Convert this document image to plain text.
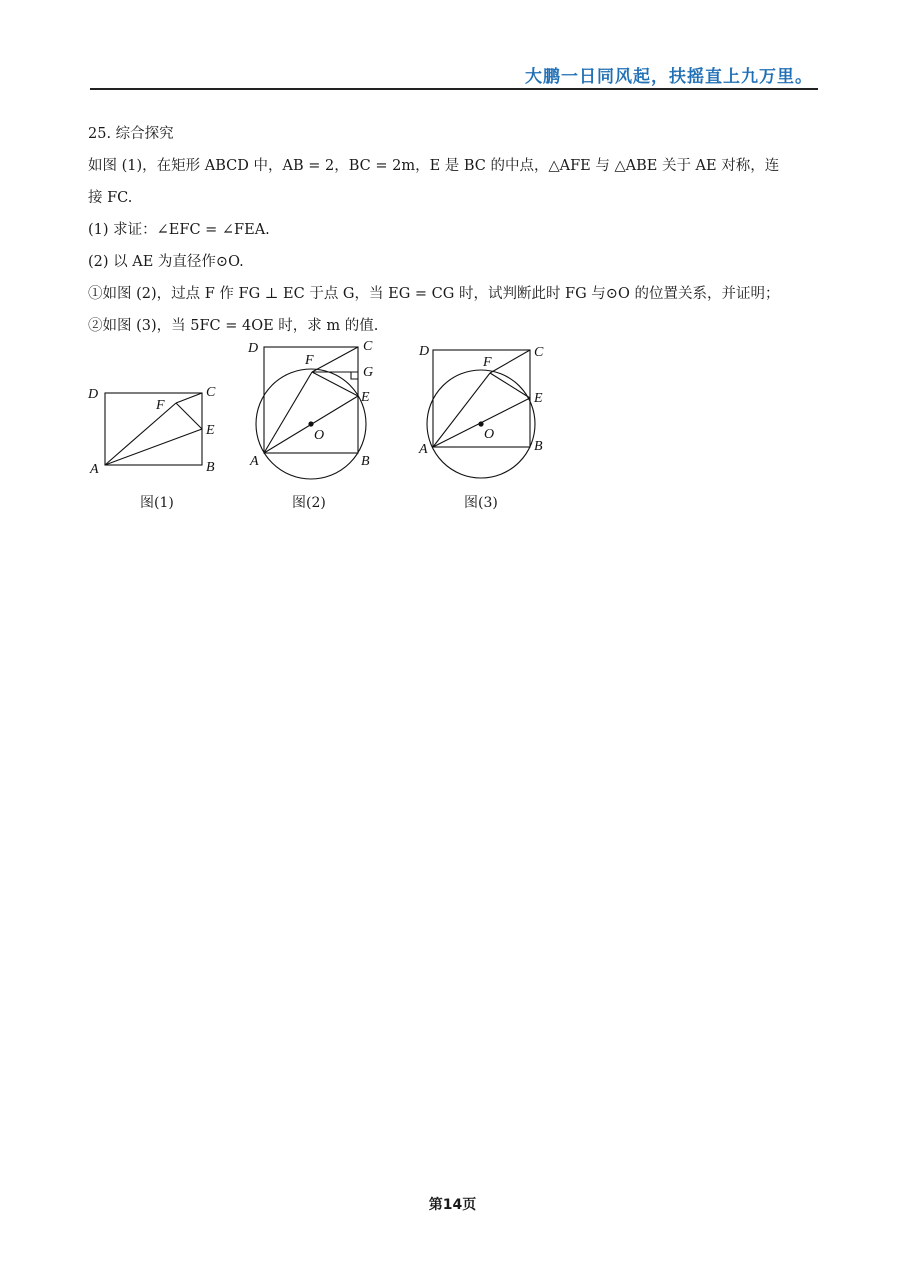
大鹏一日同风起，扶摇直上九万里。
25. 综合探究
如图 (1)，在矩形 ABCD 中，AB = 2，BC = 2m，E 是 BC 的中点，△AFE 与 △ABE 关于 AE 对称，连
接 FC.
(1) 求证：∠EFC = ∠FEA.
(2) 以 AE 为直径作⊙O.
①如图 (2)，过点 F 作 FG ⊥ EC 于点 G，当 EG = CG 时，试判断此时 FG 与⊙O 的位置关系，并证明；
②如图 (3)，当 5FC = 4OE 时，求 m 的值.
D	C
F
E
A	B
D	C
F
G
E
O
A	B
D	C
F
E
O
A	B
图(1)	图(2)	图(3)
第14页
